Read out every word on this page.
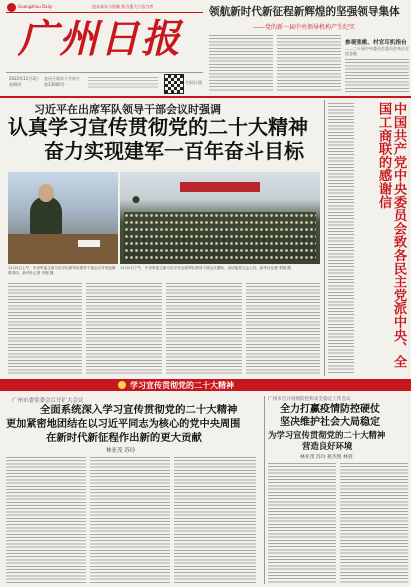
Guangzhou Daily	追求真实与创新 担当重大公信力者
广州日报
2022年11月3日
星期四
农历壬寅年十月初十
第13000号	扫码订阅
领航新时代新征程新辉煌的坚强领导集体
——党的新一届中央领导机构产生纪实
参观张桃、村官耳机指台
——二十届中央委员会委员会来自全国各地
习近平在出席军队领导干部会议时强调
认真学习宣传贯彻党的二十大精神
奋力实现建军一百年奋斗目标
11月2日上午，中央军委主席习近平出席军队领导干部会议并发表重要讲话。新华社记者 李刚 摄
11月2日下午，中央军委主席习近平在出席军队领导干部会议期间，亲切接见与会人员。新华社记者 李刚 摄	中国共产党中央委员会致各民主党派中央、全国工商联的感谢信
学习宣传贯彻党的二十大精神
广州市委常委会召开扩大会议
全面系统深入学习宣传贯彻党的二十大精神
更加紧密地团结在以习近平同志为核心的党中央周围
在新时代新征程作出新的更大贡献
林亚茂 苏玲
广州市召开疫情防控和安全稳定工作会议
全力打赢疫情防控硬仗
坚决维护社会大局稳定
为学习宣传贯彻党的二十大精神
营造良好环境
林亚茂 苏玲 蔡杰凯 林剑
